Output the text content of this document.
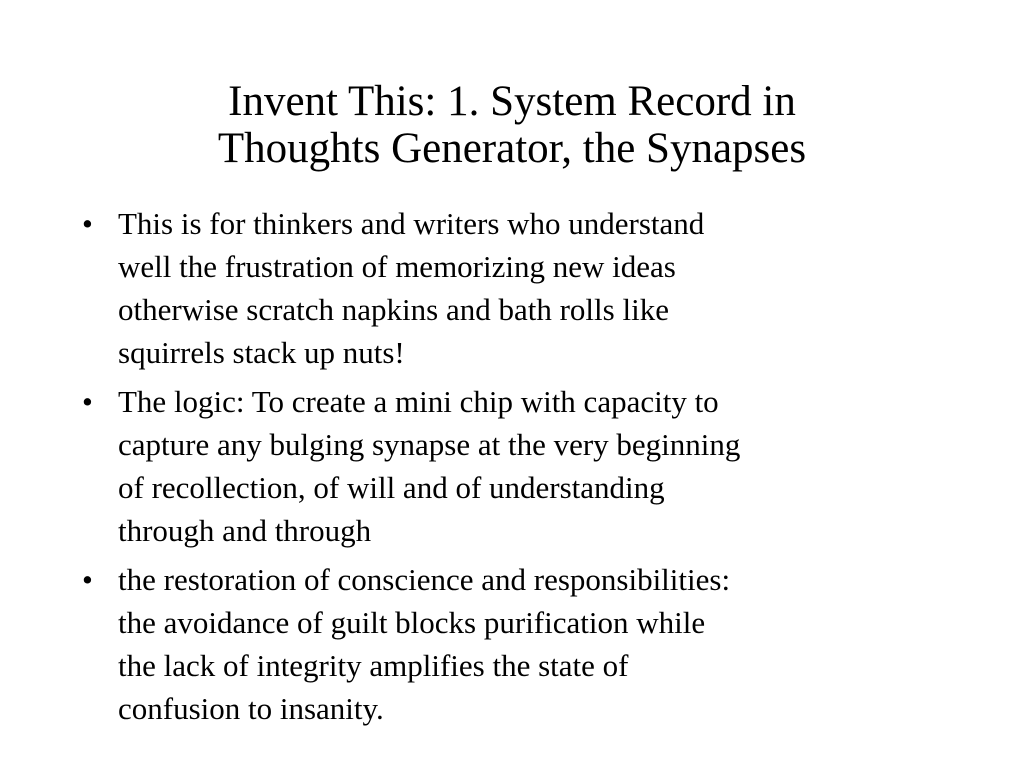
Invent This: 1. System Record in
Thoughts Generator, the Synapses
• This is for thinkers and writers who understand
well the frustration of memorizing new ideas
otherwise scratch napkins and bath rolls like
squirrels stack up nuts!
• The logic: To create a mini chip with capacity to
capture any bulging synapse at the very beginning
of recollection, of will and of understanding
through and through
• the restoration of conscience and responsibilities:
the avoidance of guilt blocks purification while
the lack of integrity amplifies the state of
confusion to insanity.
